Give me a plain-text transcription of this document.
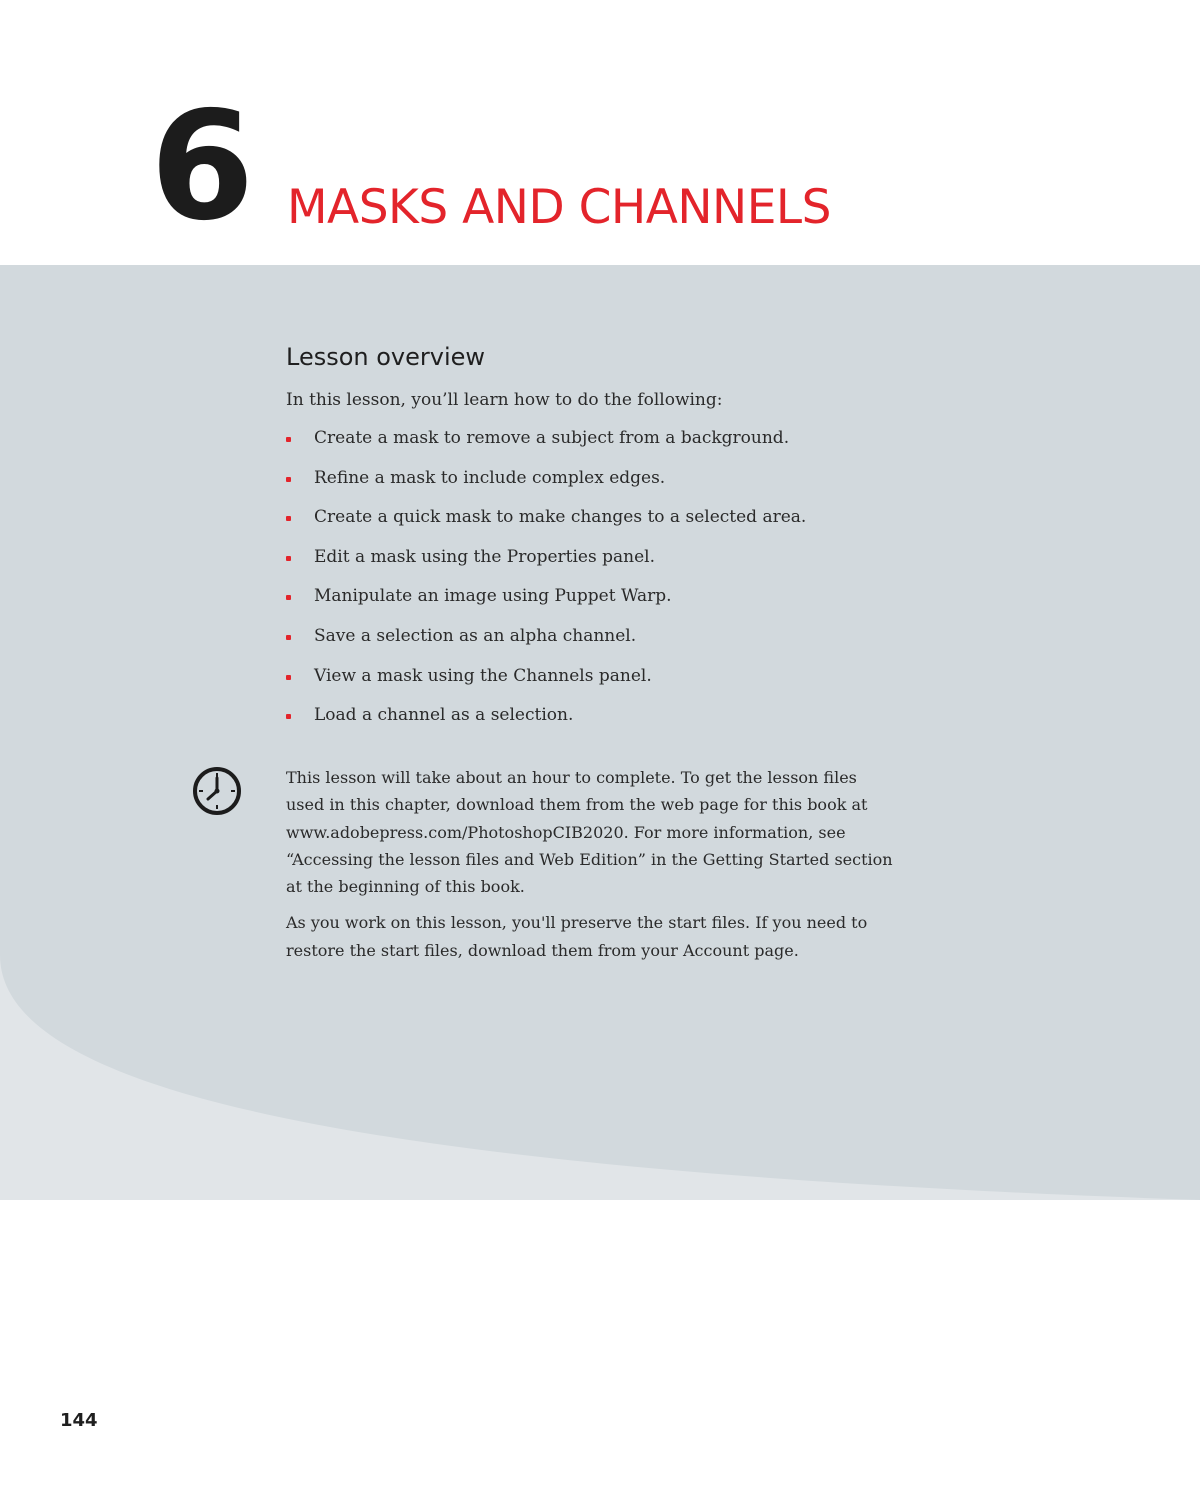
6 MASKS AND CHANNELS
Lesson overview
In this lesson, you’ll learn how to do the following:
Create a mask to remove a subject from a background.
Refine a mask to include complex edges.
Create a quick mask to make changes to a selected area.
Edit a mask using the Properties panel.
Manipulate an image using Puppet Warp.
Save a selection as an alpha channel.
View a mask using the Channels panel.
Load a channel as a selection.

This lesson will take about an hour to complete. To get the lesson files used in this chapter, download them from the web page for this book at www.adobepress.com/PhotoshopCIB2020. For more information, see “Accessing the lesson files and Web Edition” in the Getting Started section at the beginning of this book.

As you work on this lesson, you'll preserve the start files. If you need to restore the start files, download them from your Account page.

144
